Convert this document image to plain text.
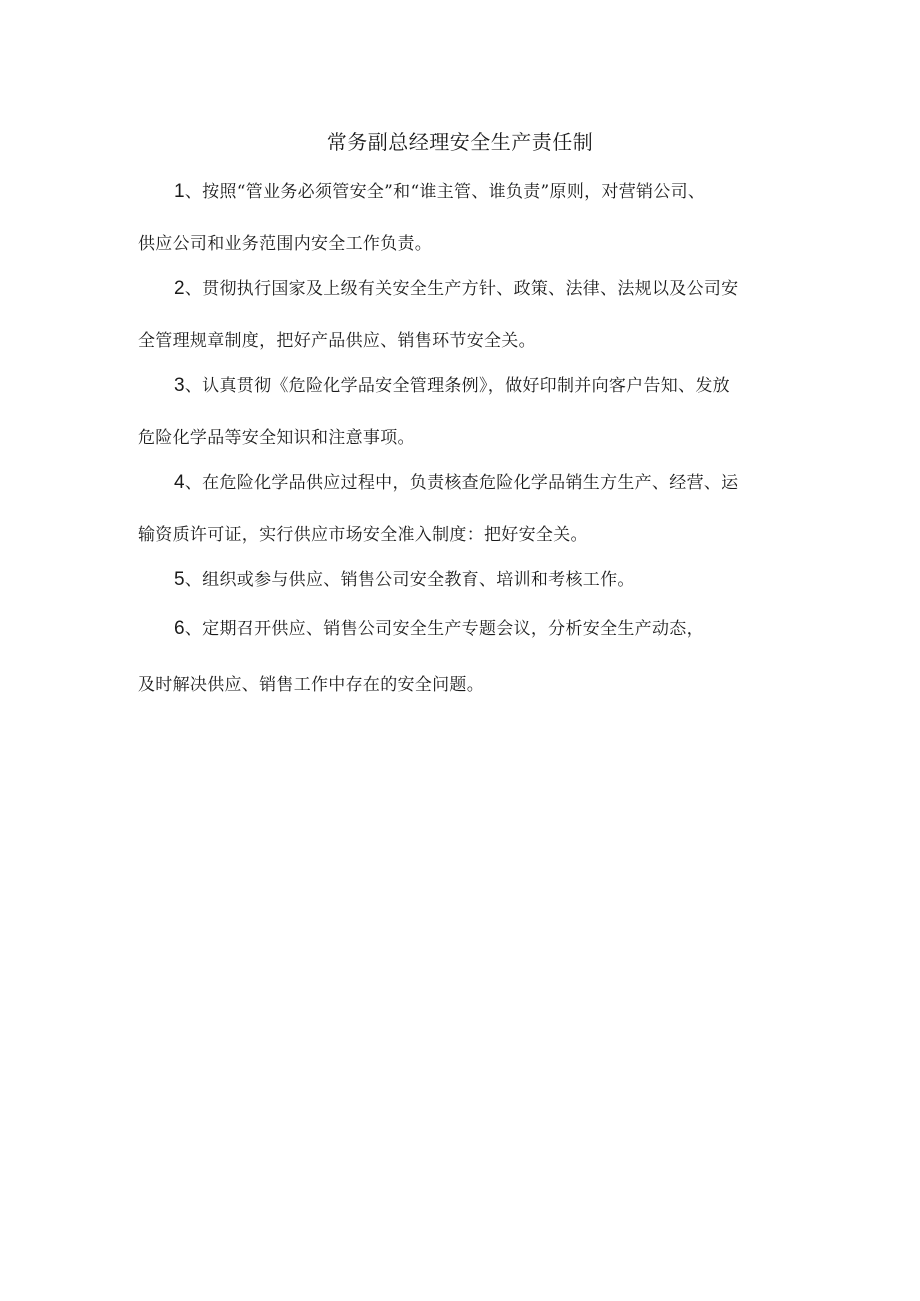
常务副总经理安全生产责任制

1、按照“管业务必须管安全”和“谁主管、谁负责”原则，对营销公司、
供应公司和业务范围内安全工作负责。

2、贯彻执行国家及上级有关安全生产方针、政策、法律、法规以及公司安
全管理规章制度，把好产品供应、销售环节安全关。

3、认真贯彻《危险化学品安全管理条例》，做好印制并向客户告知、发放
危险化学品等安全知识和注意事项。

4、在危险化学品供应过程中，负责核查危险化学品销生方生产、经营、运
输资质许可证，实行供应市场安全准入制度：把好安全关。

5、组织或参与供应、销售公司安全教育、培训和考核工作。

6、定期召开供应、销售公司安全生产专题会议，分析安全生产动态，
及时解决供应、销售工作中存在的安全问题。
